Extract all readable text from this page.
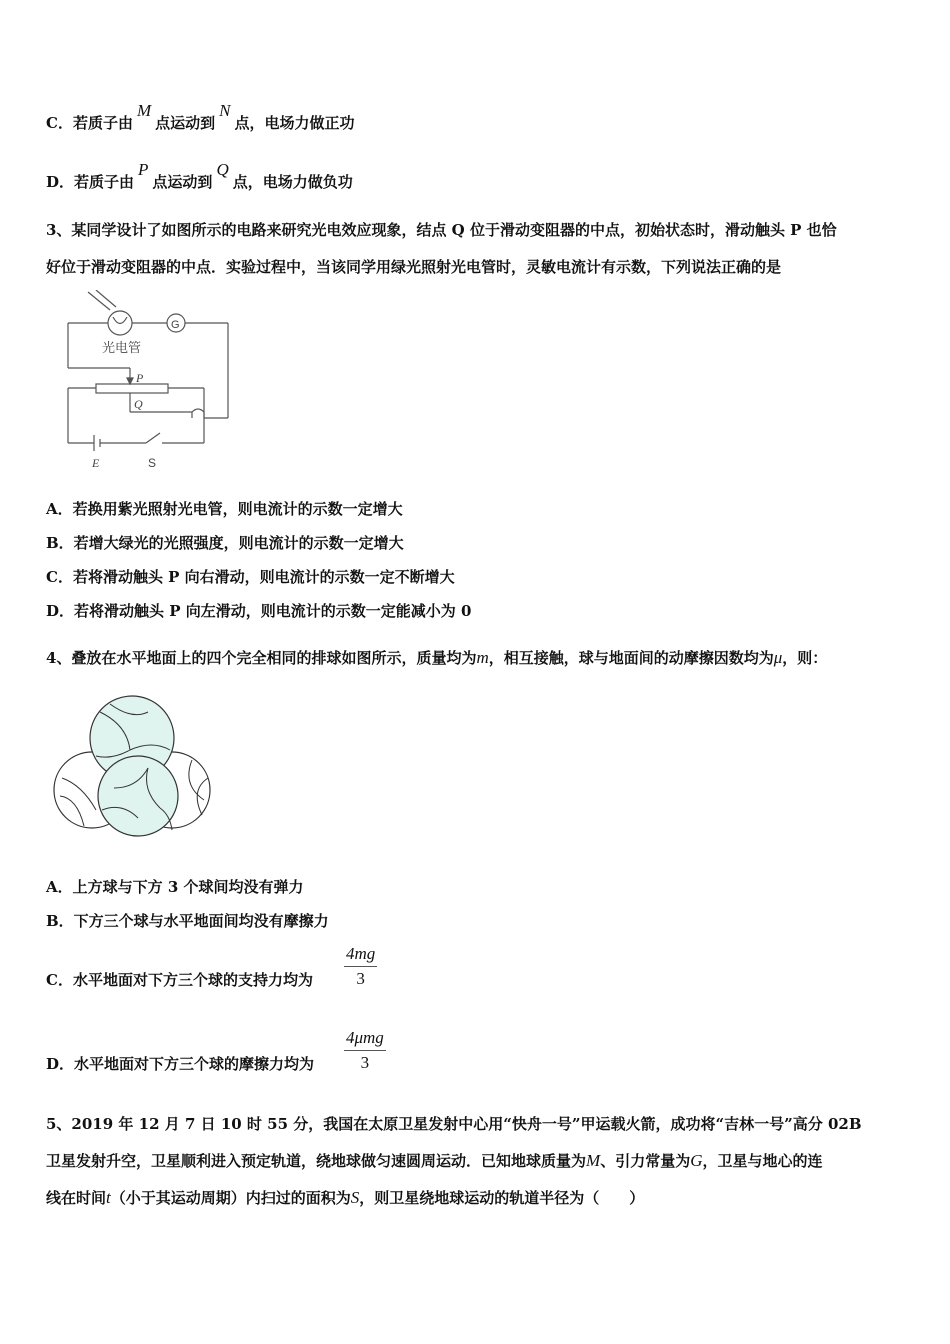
C．若质子由M点运动到N点，电场力做正功
D．若质子由P点运动到Q点，电场力做负功
3、某同学设计了如图所示的电路来研究光电效应现象，结点 Q 位于滑动变阻器的中点，初始状态时，滑动触头 P 也恰
好位于滑动变阻器的中点．实验过程中，当该同学用绿光照射光电管时，灵敏电流计有示数，下列说法正确的是
光电管
G
P
Q
E	S
A．若换用紫光照射光电管，则电流计的示数一定增大
B．若增大绿光的光照强度，则电流计的示数一定增大
C．若将滑动触头 P 向右滑动，则电流计的示数一定不断增大
D．若将滑动触头 P 向左滑动，则电流计的示数一定能减小为 0
4、叠放在水平地面上的四个完全相同的排球如图所示，质量均为m，相互接触，球与地面间的动摩擦因数均为μ，则：
A．上方球与下方 3 个球间均没有弹力
B．下方三个球与水平地面间均没有摩擦力
C．水平地面对下方三个球的支持力均为
4mg
3
D．水平地面对下方三个球的摩擦力均为
4μmg
3
5、2019 年 12 月 7 日 10 时 55 分，我国在太原卫星发射中心用“快舟一号”甲运载火箭，成功将“吉林一号”高分 02B
卫星发射升空，卫星顺利进入预定轨道，绕地球做匀速圆周运动．已知地球质量为M、引力常量为G，卫星与地心的连
线在时间t（小于其运动周期）内扫过的面积为S，则卫星绕地球运动的轨道半径为（　　）
